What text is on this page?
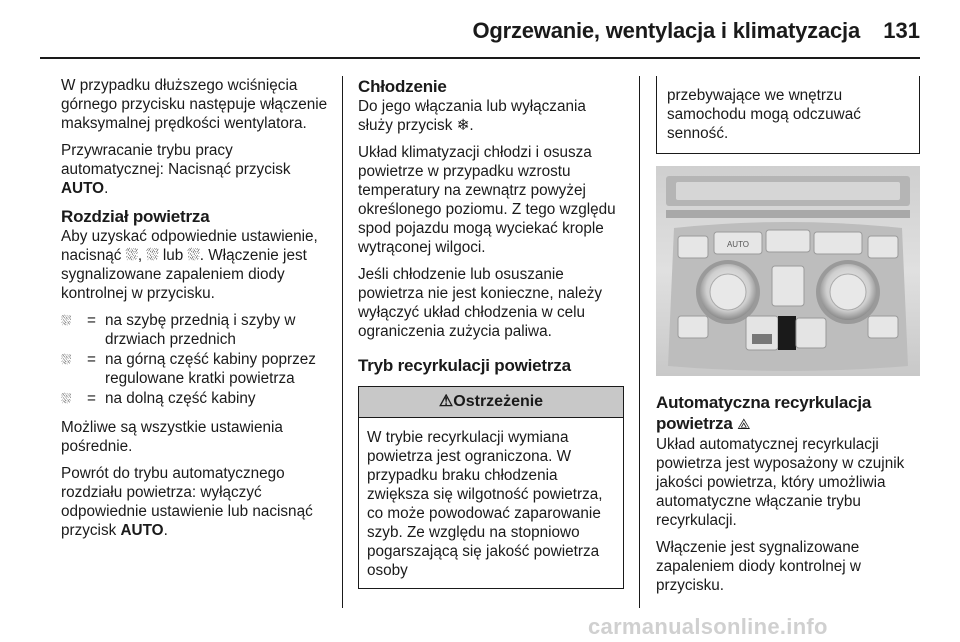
Ogrzewanie, wentylacja i klimatyzacja 131

W przypadku dłuższego wciśnięcia górnego przycisku następuje włączenie maksymalnej prędkości wentylatora.

Przywracanie trybu pracy automatycznej: Nacisnąć przycisk AUTO.

Rozdział powietrza

Aby uzyskać odpowiednie ustawienie, nacisnąć ⛆, ⛆ lub ⛆. Włączenie jest sygnalizowane zapaleniem diody kontrolnej w przycisku.

⛆	= na szybę przednią i szyby w drzwiach przednich
⛆	= na górną część kabiny poprzez regulowane kratki powietrza
⛆	= na dolną część kabiny

Możliwe są wszystkie ustawienia pośrednie.

Powrót do trybu automatycznego rozdziału powietrza: wyłączyć odpowiednie ustawienie lub nacisnąć przycisk AUTO.

Chłodzenie

Do jego włączania lub wyłączania służy przycisk ❄.

Układ klimatyzacji chłodzi i osusza powietrze w przypadku wzrostu temperatury na zewnątrz powyżej określonego poziomu. Z tego względu spod pojazdu mogą wyciekać krople wytrąconej wilgoci.

Jeśli chłodzenie lub osuszanie powietrza nie jest konieczne, należy wyłączyć układ chłodzenia w celu ograniczenia zużycia paliwa.

Tryb recyrkulacji powietrza
⚠Ostrzeżenie
W trybie recyrkulacji wymiana powietrza jest ograniczona. W przypadku braku chłodzenia zwiększa się wilgotność powietrza, co może powodować zaparowanie szyb. Ze względu na stopniowo pogarszającą się jakość powietrza osoby
przebywające we wnętrzu samochodu mogą odczuwać senność.
AUTO
Automatyczna recyrkulacja powietrza ⟁

Układ automatycznej recyrkulacji powietrza jest wyposażony w czujnik jakości powietrza, który umożliwia automatyczne włączanie trybu recyrkulacji.

Włączenie jest sygnalizowane zapaleniem diody kontrolnej w przycisku.

carmanualsonline.info
